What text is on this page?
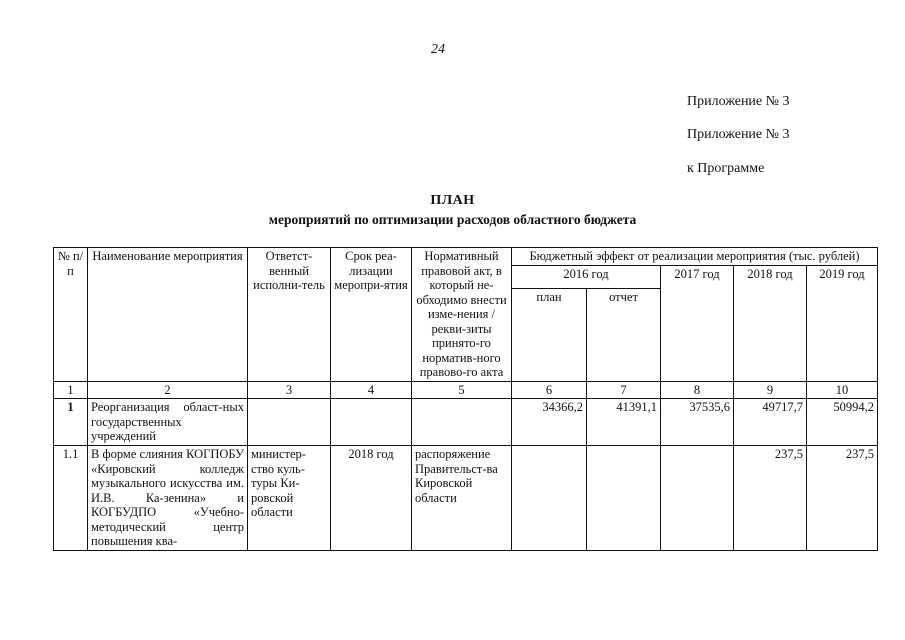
24
Приложение № 3
Приложение № 3
к Программе
ПЛАН
мероприятий по оптимизации расходов областного бюджета
№ п/п	Наименование мероприятия	Ответст-венный исполни-тель	Срок реа-лизации меропри-ятия	Нормативный правовой акт, в который не-обходимо внести изме-нения / рекви-зиты принято-го норматив-ного правово-го акта	Бюджетный эффект от реализации мероприятия (тыс. рублей)				
					2016 год		2017 год	2018 год	2019 год
					план	отчет			
1	2	3	4	5	6	7	8	9	10
1	Реорганизация област-ных государственных учреждений				34366,2	41391,1	37535,6	49717,7	50994,2
1.1	В форме слияния КОГПОБУ «Кировский колледж музыкального искусства им. И.В. Ка-зенина» и КОГБУДПО «Учебно-методический центр повышения ква-	министер-ство куль-туры Ки-ровской области	2018 год	распоряжение Правительст-ва Кировской области				237,5	237,5
